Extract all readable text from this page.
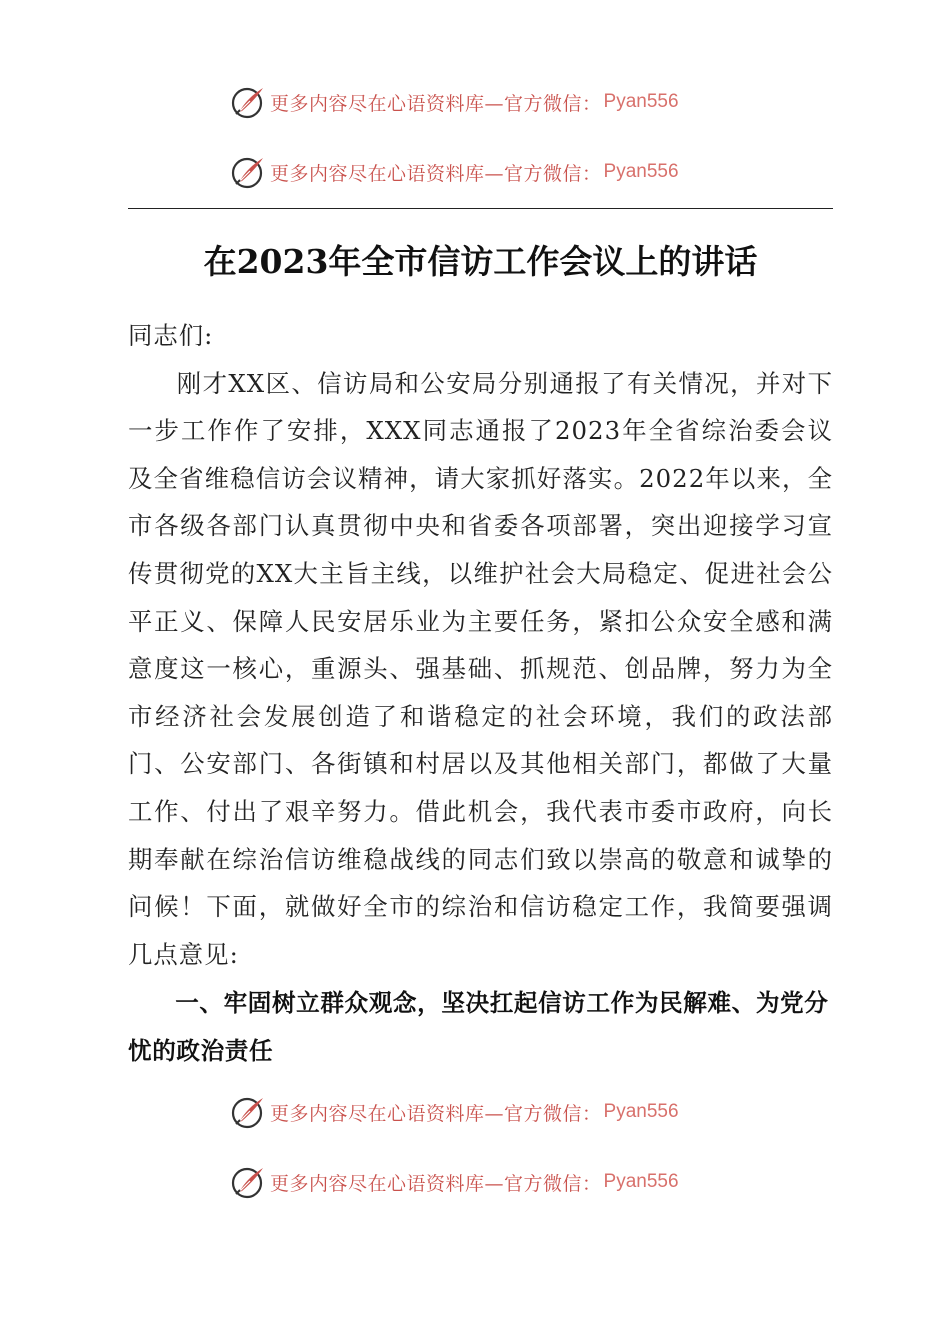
更多内容尽在心语资料库—官方微信： Pyan556
更多内容尽在心语资料库—官方微信： Pyan556
在2023年全市信访工作会议上的讲话

同志们:

刚才XX区、信访局和公安局分别通报了有关情况，并对下一步工作作了安排，XXX同志通报了2023年全省综治委会议及全省维稳信访会议精神，请大家抓好落实。2022年以来，全市各级各部门认真贯彻中央和省委各项部署，突出迎接学习宣传贯彻党的XX大主旨主线，以维护社会大局稳定、促进社会公平正义、保障人民安居乐业为主要任务，紧扣公众安全感和满意度这一核心，重源头、强基础、抓规范、创品牌，努力为全市经济社会发展创造了和谐稳定的社会环境，我们的政法部门、公安部门、各街镇和村居以及其他相关部门，都做了大量工作、付出了艰辛努力。借此机会，我代表市委市政府，向长期奉献在综治信访维稳战线的同志们致以崇高的敬意和诚挚的问候！下面，就做好全市的综治和信访稳定工作，我简要强调几点意见:

一、牢固树立群众观念，坚决扛起信访工作为民解难、为党分忧的政治责任
更多内容尽在心语资料库—官方微信： Pyan556
更多内容尽在心语资料库—官方微信： Pyan556
